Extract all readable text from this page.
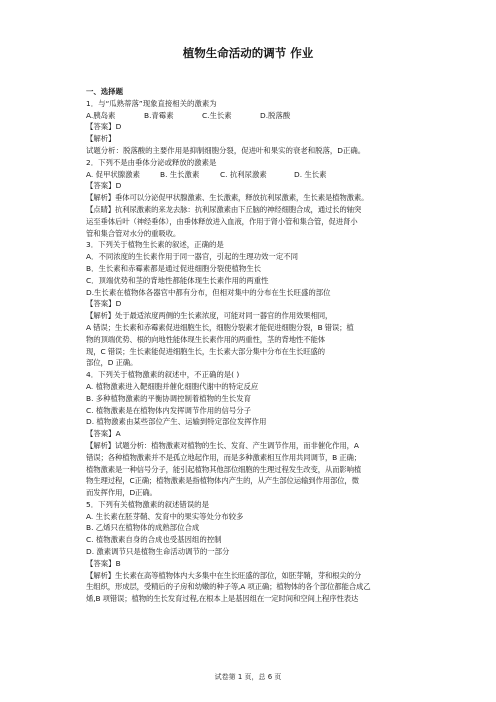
植物生命活动的调节 作业
一、选择题
1．与“瓜熟蒂落”现象直接相关的激素为
A.胰岛素	B.青霉素	C.生长素	D.脱落酸
【答案】D
【解析】
试题分析：脱落酸的主要作用是抑制细胞分裂，促进叶和果实的衰老和脱落，D正确。
2．下列不是由垂体分泌或释放的激素是
A. 促甲状腺激素	B. 生长激素	C. 抗利尿激素	D. 生长素
【答案】D
【解析】垂体可以分泌促甲状腺激素、生长激素，释放抗利尿激素，生长素是植物激素。
【点睛】抗利尿激素的来龙去脉：抗利尿激素由下丘脑的神经细胞合成，通过长的轴突
运至垂体后叶（神经垂体），由垂体释放进入血液，作用于肾小管和集合管，促进肾小
管和集合管对水分的重吸收。
3．下列关于植物生长素的叙述，正确的是
A．不同浓度的生长素作用于同一器官，引起的生理功效一定不同
B．生长素和赤霉素都是通过促进细胞分裂使植物生长
C．顶端优势和茎的背地性都能体现生长素作用的两重性
D.生长素在植物体各器官中都有分布，但相对集中的分布在生长旺盛的部位
【答案】D
【解析】处于最适浓度两侧的生长素浓度，可能对同一器官的作用效果相同，
A 错误；生长素和赤霉素促进细胞生长，细胞分裂素才能促进细胞分裂，B 错误；植
物的顶端优势、根的向地性能体现生长素作用的两重性，茎的背地性不能体
现，C 错误；生长素能促进细胞生长，生长素大部分集中分布在生长旺盛的
部位，D 正确。
4．下列关于植物激素的叙述中，不正确的是( )
A. 植物激素进入靶细胞并催化细胞代谢中的特定反应
B. 多种植物激素的平衡协调控制着植物的生长发育
C. 植物激素是在植物体内发挥调节作用的信号分子
D. 植物激素由某些部位产生、运输到特定部位发挥作用
【答案】A
【解析】试题分析：植物激素对植物的生长、发育、产生调节作用，而非催化作用，A
错误；各种植物激素并不是孤立地起作用，而是多种激素相互作用共同调节，B 正确；
植物激素是一种信号分子，能引起植物其他部位细胞的生理过程发生改变，从而影响植
物生理过程，C正确；植物激素是指植物体内产生的，从产生部位运输到作用部位，微
而发挥作用，D正确。
5．下列有关植物激素的叙述错误的是
A. 生长素在胚芽鞘、发育中的果实等处分布较多
B. 乙烯只在植物体的成熟部位合成
C. 植物激素自身的合成也受基因组的控制
D. 激素调节只是植物生命活动调节的一部分
【答案】B
【解析】生长素在高等植物体内大多集中在生长旺盛的部位，如胚芽鞘，芽和根尖的分
生组织，形成层，受精后的子房和幼嫩的种子等,A 项正确；植物体的各个部位都能合成乙
烯,B 项错误；植物的生长发育过程,在根本上是基因组在一定时间和空间上程序性表达
试卷第 1 页，总 6 页
